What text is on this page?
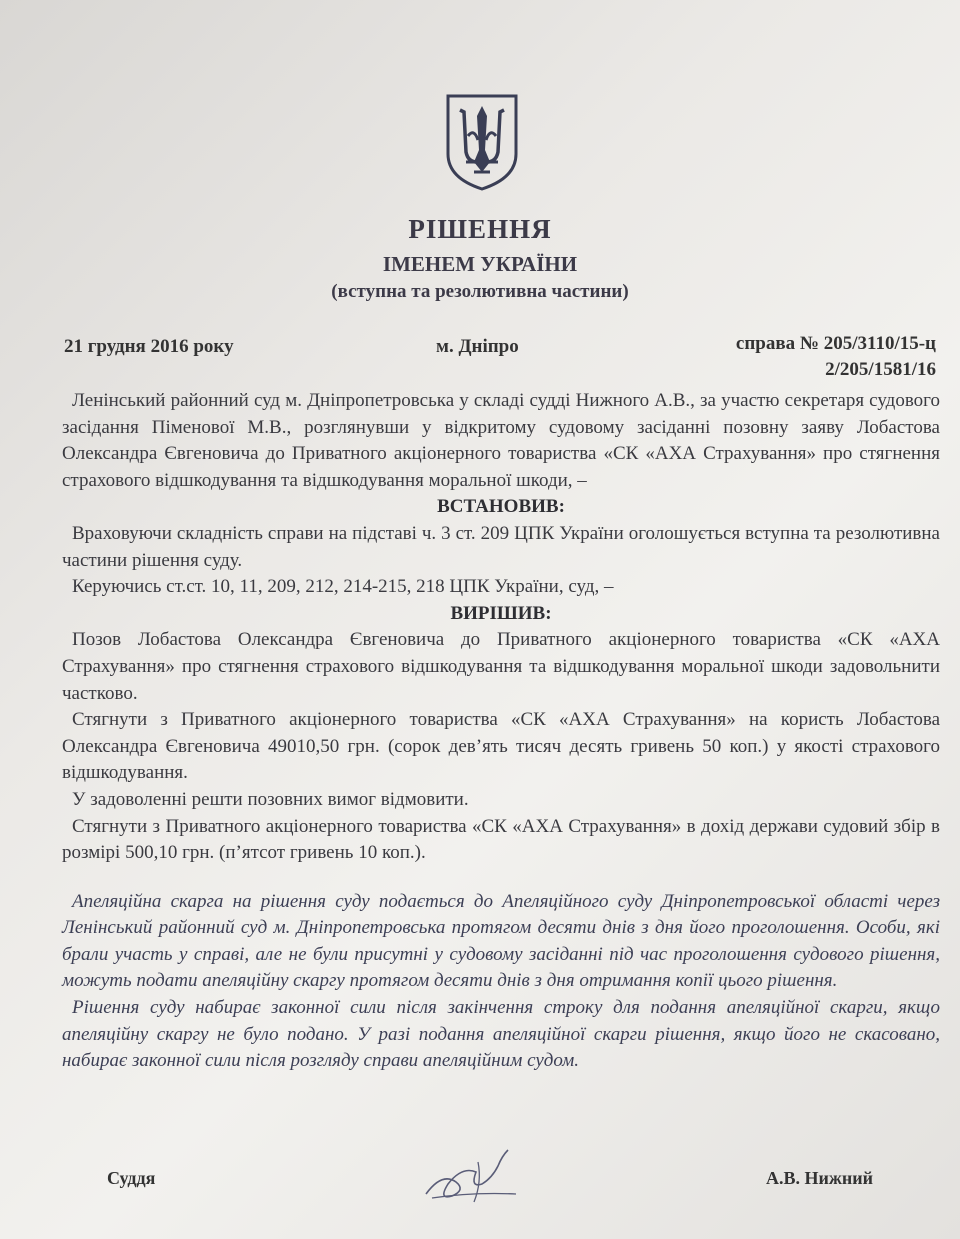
РІШЕННЯ
ІМЕНЕМ УКРАЇНИ
(вступна та резолютивна частини)
21 грудня 2016 року	м. Дніпро	справа № 205/3110/15-ц
2/205/1581/16

Ленінський районний суд м. Дніпропетровська у складі судді Нижного А.В., за участю секретаря судового засідання Піменової М.В., розглянувши у відкритому судовому засіданні позовну заяву Лобастова Олександра Євгеновича до Приватного акціонерного товариства «СК «АХА Страхування» про стягнення страхового відшкодування та відшкодування моральної шкоди, –

ВСТАНОВИВ:

Враховуючи складність справи на підставі ч. 3 ст. 209 ЦПК України оголошується вступна та резолютивна частини рішення суду.

Керуючись ст.ст. 10, 11, 209, 212, 214-215, 218 ЦПК України, суд, –

ВИРІШИВ:

Позов Лобастова Олександра Євгеновича до Приватного акціонерного товариства «СК «АХА Страхування» про стягнення страхового відшкодування та відшкодування моральної шкоди задовольнити частково.

Стягнути з Приватного акціонерного товариства «СК «АХА Страхування» на користь Лобастова Олександра Євгеновича 49010,50 грн. (сорок дев’ять тисяч десять гривень 50 коп.) у якості страхового відшкодування.

У задоволенні решти позовних вимог відмовити.

Стягнути з Приватного акціонерного товариства «СК «АХА Страхування» в дохід держави судовий збір в розмірі 500,10 грн. (п’ятсот гривень 10 коп.).

Апеляційна скарга на рішення суду подається до Апеляційного суду Дніпропетровської області через Ленінський районний суд м. Дніпропетровська протягом десяти днів з дня його проголошення. Особи, які брали участь у справі, але не були присутні у судовому засіданні під час проголошення судового рішення, можуть подати апеляційну скаргу протягом десяти днів з дня отримання копії цього рішення.

Рішення суду набирає законної сили після закінчення строку для подання апеляційної скарги, якщо апеляційну скаргу не було подано. У разі подання апеляційної скарги рішення, якщо його не скасовано, набирає законної сили після розгляду справи апеляційним судом.

Суддя	А.В. Нижний
